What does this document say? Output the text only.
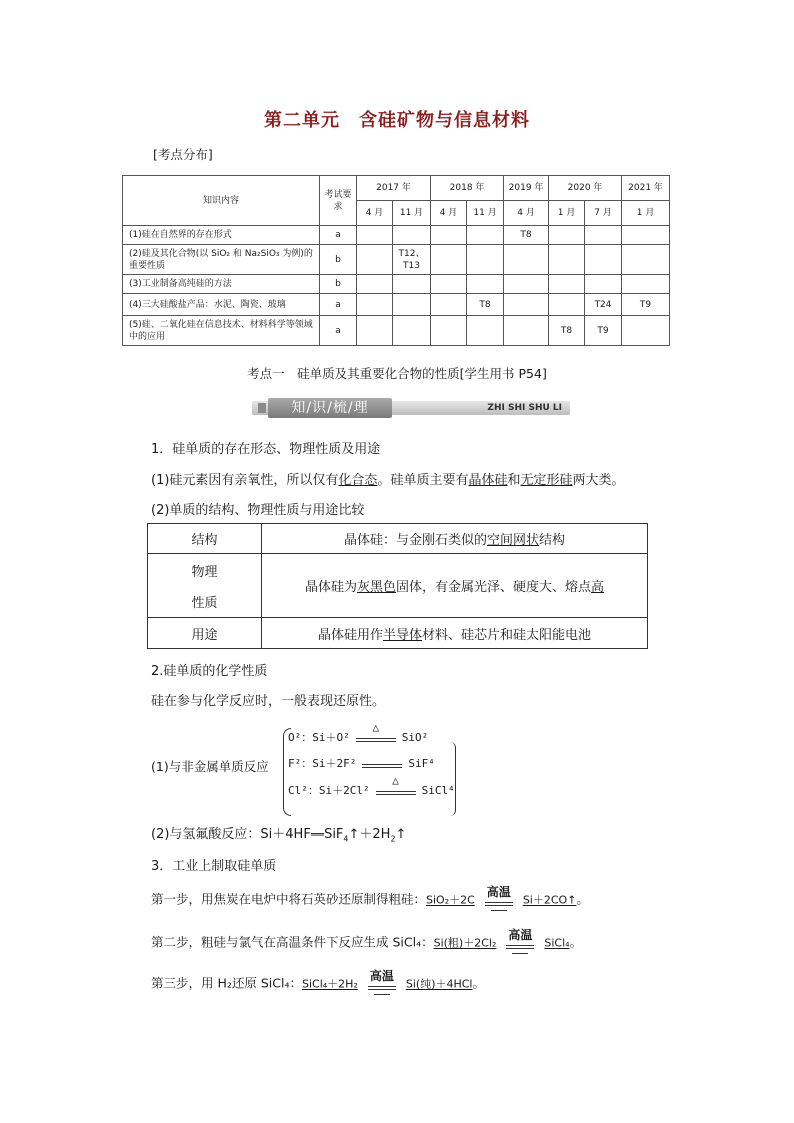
第二单元　含硅矿物与信息材料
[考点分布]
知识内容	考试要求	2017 年		2018 年		2019 年	2020 年		2021 年
		4 月	11 月	4 月	11 月	4 月	1 月	7 月	1 月
(1)硅在自然界的存在形式	a					T8			
(2)硅及其化合物(以 SiO₂ 和 Na₂SiO₃ 为例)的重要性质	b		T12、T13						
(3)工业制备高纯硅的方法	b								
(4)三大硅酸盐产品：水泥、陶瓷、玻璃	a				T8			T24	T9
(5)硅、二氧化硅在信息技术、材料科学等领域中的应用	a						T8	T9	
考点一　硅单质及其重要化合物的性质[学生用书 P54]
知/识/梳/理	ZHI SHI SHU LI
1．硅单质的存在形态、物理性质及用途
(1)硅元素因有亲氧性，所以仅有化合态。硅单质主要有晶体硅和无定形硅两大类。
(2)单质的结构、物理性质与用途比较
结构	晶体硅：与金刚石类似的空间网状结构

物理
性质	晶体硅为灰黑色固体，有金属光泽、硬度大、熔点高
用途	晶体硅用作半导体材料、硅芯片和硅太阳能电池
2.硅单质的化学性质
硅在参与化学反应时，一般表现还原性。
(1)与非金属单质反应
O²：Si＋O²
△
SiO²
F²：Si＋2F²	SiF⁴
Cl²：Si＋2Cl²
△
SiCl⁴
(2)与氢氟酸反应：$Si+4HF══SiF_4↑+2H_2↑$
3．工业上制取硅单质
第一步，用焦炭在电炉中将石英砂还原制得粗硅：SiO₂＋2C
高温
Si＋2CO↑。
第二步，粗硅与氯气在高温条件下反应生成 SiCl₄：Si(粗)＋2Cl₂
高温
SiCl₄。
第三步，用 H₂还原 SiCl₄：SiCl₄＋2H₂
高温
Si(纯)＋4HCl。
